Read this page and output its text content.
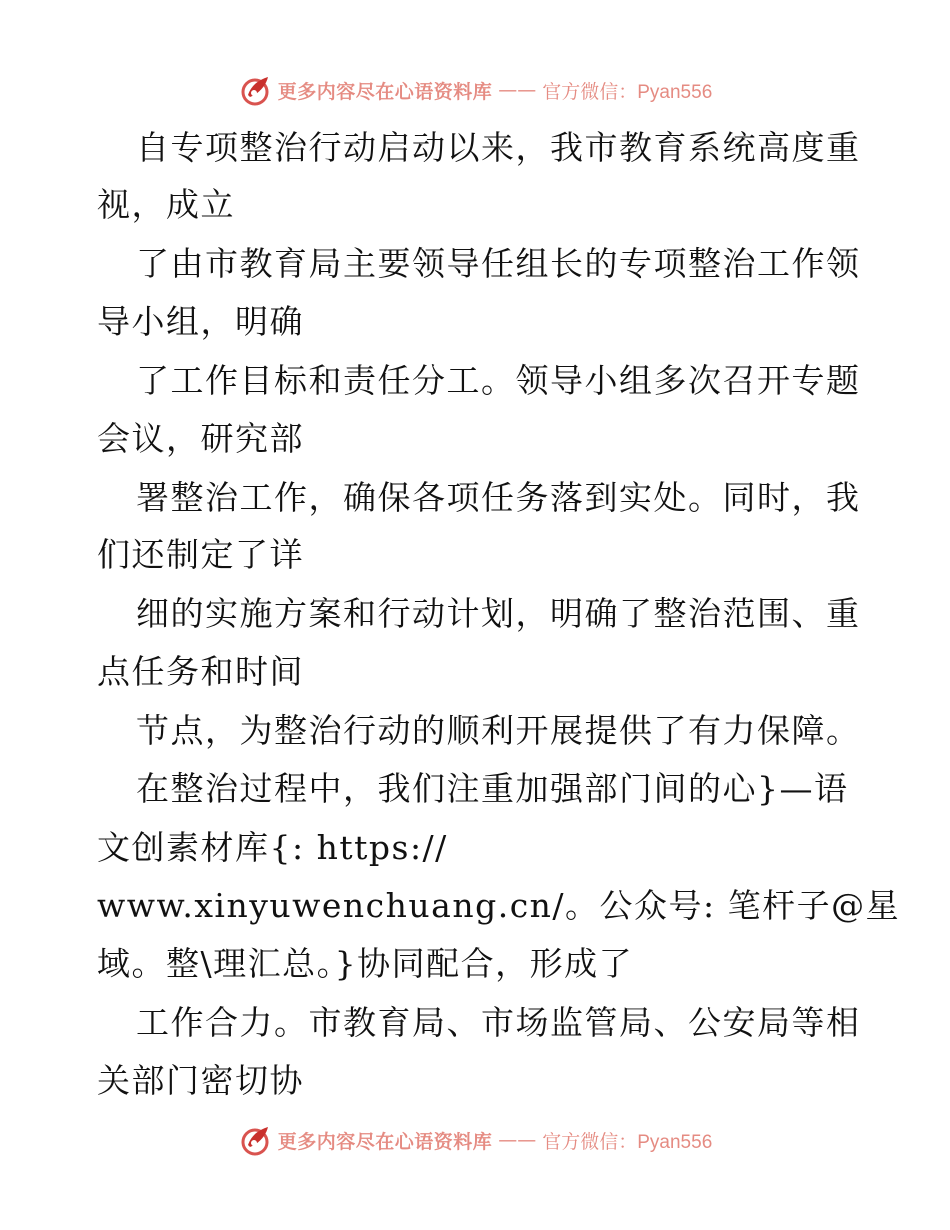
更多内容尽在心语资料库 —— 官方微信：Pyan556
自专项整治行动启动以来，我市教育系统高度重
视，成立
了由市教育局主要领导任组长的专项整治工作领
导小组，明确
了工作目标和责任分工。领导小组多次召开专题
会议，研究部
署整治工作，确保各项任务落到实处。同时，我
们还制定了详
细的实施方案和行动计划，明确了整治范围、重
点任务和时间
节点，为整治行动的顺利开展提供了有力保障。
在整治过程中，我们注重加强部门间的心}—语
文创素材库{: https://
www.xinyuwenchuang.cn/。公众号: 笔杆子@星
域。整\理汇总。}协同配合，形成了
工作合力。市教育局、市场监管局、公安局等相
关部门密切协
更多内容尽在心语资料库 —— 官方微信：Pyan556
